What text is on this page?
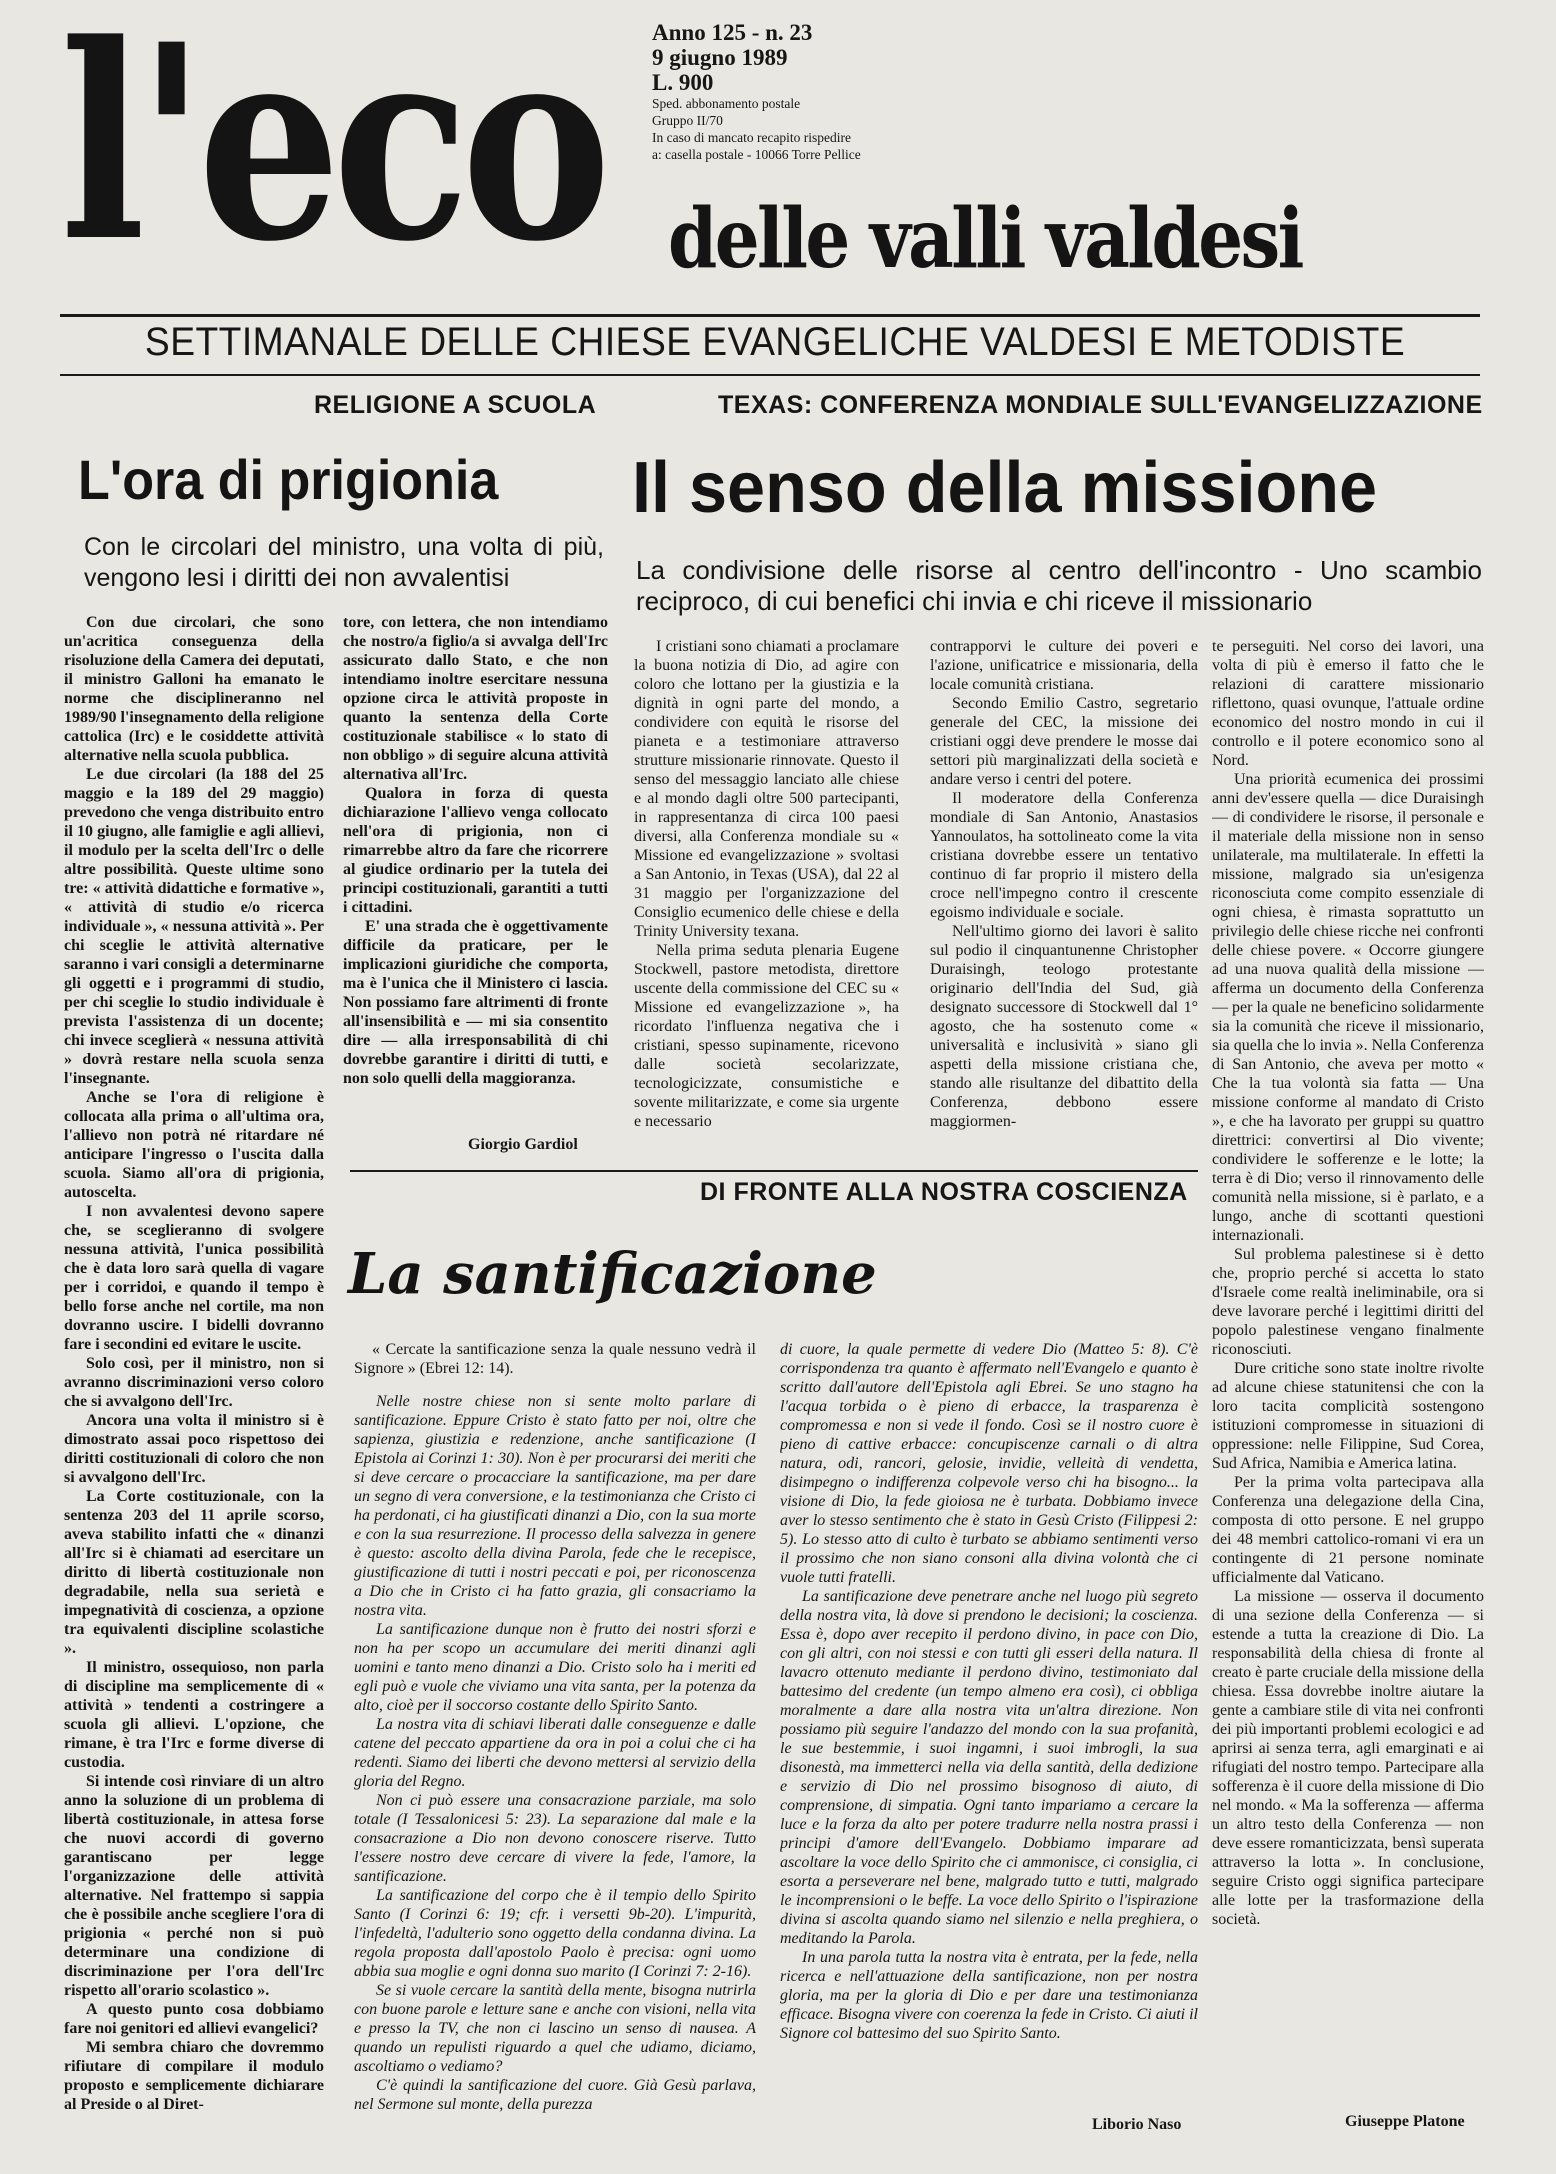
l'eco Anno 125 - n. 23
9 giugno 1989
L. 900
Sped. abbonamento postale
Gruppo II/70
In caso di mancato recapito rispedire
a: casella postale - 10066 Torre Pellice
delle valli valdesi
SETTIMANALE DELLE CHIESE EVANGELICHE VALDESI E METODISTE
RELIGIONE A SCUOLA
L'ora di prigionia
Con le circolari del ministro, una volta di più, vengono lesi i diritti dei non avvalentisi

Con due circolari, che sono un'acritica conseguenza della risoluzione della Camera dei deputati, il ministro Galloni ha emanato le norme che disciplineranno nel 1989/90 l'insegnamento della religione cattolica (Irc) e le cosiddette attività alternative nella scuola pubblica.

Le due circolari (la 188 del 25 maggio e la 189 del 29 maggio) prevedono che venga distribuito entro il 10 giugno, alle famiglie e agli allievi, il modulo per la scelta dell'Irc o delle altre possibilità. Queste ultime sono tre: « attività didattiche e formative », « attività di studio e/o ricerca individuale », « nessuna attività ». Per chi sceglie le attività alternative saranno i vari consigli a determinarne gli oggetti e i programmi di studio, per chi sceglie lo studio individuale è prevista l'assistenza di un docente; chi invece sceglierà « nessuna attività » dovrà restare nella scuola senza l'insegnante.

Anche se l'ora di religione è collocata alla prima o all'ultima ora, l'allievo non potrà né ritardare né anticipare l'ingresso o l'uscita dalla scuola. Siamo all'ora di prigionia, autoscelta.

I non avvalentesi devono sapere che, se sceglieranno di svolgere nessuna attività, l'unica possibilità che è data loro sarà quella di vagare per i corridoi, e quando il tempo è bello forse anche nel cortile, ma non dovranno uscire. I bidelli dovranno fare i secondini ed evitare le uscite.

Solo così, per il ministro, non si avranno discriminazioni verso coloro che si avvalgono dell'Irc.

Ancora una volta il ministro si è dimostrato assai poco rispettoso dei diritti costituzionali di coloro che non si avvalgono dell'Irc.

La Corte costituzionale, con la sentenza 203 del 11 aprile scorso, aveva stabilito infatti che « dinanzi all'Irc si è chiamati ad esercitare un diritto di libertà costituzionale non degradabile, nella sua serietà e impegnatività di coscienza, a opzione tra equivalenti discipline scolastiche ».

Il ministro, ossequioso, non parla di discipline ma semplicemente di « attività » tendenti a costringere a scuola gli allievi. L'opzione, che rimane, è tra l'Irc e forme diverse di custodia.

Si intende così rinviare di un altro anno la soluzione di un problema di libertà costituzionale, in attesa forse che nuovi accordi di governo garantiscano per legge l'organizzazione delle attività alternative. Nel frattempo si sappia che è possibile anche scegliere l'ora di prigionia « perché non si può determinare una condizione di discriminazione per l'ora dell'Irc rispetto all'orario scolastico ».

A questo punto cosa dobbiamo fare noi genitori ed allievi evangelici?

Mi sembra chiaro che dovremmo rifiutare di compilare il modulo proposto e semplicemente dichiarare al Preside o al Diret-

tore, con lettera, che non intendiamo che nostro/a figlio/a si avvalga dell'Irc assicurato dallo Stato, e che non intendiamo inoltre esercitare nessuna opzione circa le attività proposte in quanto la sentenza della Corte costituzionale stabilisce « lo stato di non obbligo » di seguire alcuna attività alternativa all'Irc.

Qualora in forza di questa dichiarazione l'allievo venga collocato nell'ora di prigionia, non ci rimarrebbe altro da fare che ricorrere al giudice ordinario per la tutela dei principi costituzionali, garantiti a tutti i cittadini.

E' una strada che è oggettivamente difficile da praticare, per le implicazioni giuridiche che comporta, ma è l'unica che il Ministero ci lascia. Non possiamo fare altrimenti di fronte all'insensibilità e — mi sia consentito dire — alla irresponsabilità di chi dovrebbe garantire i diritti di tutti, e non solo quelli della maggioranza.

Giorgio Gardiol
TEXAS: CONFERENZA MONDIALE SULL'EVANGELIZZAZIONE
Il senso della missione
La condivisione delle risorse al centro dell'incontro - Uno scambio reciproco, di cui benefici chi invia e chi riceve il missionario

I cristiani sono chiamati a proclamare la buona notizia di Dio, ad agire con coloro che lottano per la giustizia e la dignità in ogni parte del mondo, a condividere con equità le risorse del pianeta e a testimoniare attraverso strutture missionarie rinnovate. Questo il senso del messaggio lanciato alle chiese e al mondo dagli oltre 500 partecipanti, in rappresentanza di circa 100 paesi diversi, alla Conferenza mondiale su « Missione ed evangelizzazione » svoltasi a San Antonio, in Texas (USA), dal 22 al 31 maggio per l'organizzazione del Consiglio ecumenico delle chiese e della Trinity University texana.

Nella prima seduta plenaria Eugene Stockwell, pastore metodista, direttore uscente della commissione del CEC su « Missione ed evangelizzazione », ha ricordato l'influenza negativa che i cristiani, spesso supinamente, ricevono dalle società secolarizzate, tecnologicizzate, consumistiche e sovente militarizzate, e come sia urgente e necessario

contrapporvi le culture dei poveri e l'azione, unificatrice e missionaria, della locale comunità cristiana.

Secondo Emilio Castro, segretario generale del CEC, la missione dei cristiani oggi deve prendere le mosse dai settori più marginalizzati della società e andare verso i centri del potere.

Il moderatore della Conferenza mondiale di San Antonio, Anastasios Yannoulatos, ha sottolineato come la vita cristiana dovrebbe essere un tentativo continuo di far proprio il mistero della croce nell'impegno contro il crescente egoismo individuale e sociale.

Nell'ultimo giorno dei lavori è salito sul podio il cinquantunenne Christopher Duraisingh, teologo protestante originario dell'India del Sud, già designato successore di Stockwell dal 1° agosto, che ha sostenuto come « universalità e inclusività » siano gli aspetti della missione cristiana che, stando alle risultanze del dibattito della Conferenza, debbono essere maggiormen-

te perseguiti. Nel corso dei lavori, una volta di più è emerso il fatto che le relazioni di carattere missionario riflettono, quasi ovunque, l'attuale ordine economico del nostro mondo in cui il controllo e il potere economico sono al Nord.

Una priorità ecumenica dei prossimi anni dev'essere quella — dice Duraisingh — di condividere le risorse, il personale e il materiale della missione non in senso unilaterale, ma multilaterale. In effetti la missione, malgrado sia un'esigenza riconosciuta come compito essenziale di ogni chiesa, è rimasta soprattutto un privilegio delle chiese ricche nei confronti delle chiese povere. « Occorre giungere ad una nuova qualità della missione — afferma un documento della Conferenza — per la quale ne beneficino solidarmente sia la comunità che riceve il missionario, sia quella che lo invia ». Nella Conferenza di San Antonio, che aveva per motto « Che la tua volontà sia fatta — Una missione conforme al mandato di Cristo », e che ha lavorato per gruppi su quattro direttrici: convertirsi al Dio vivente; condividere le sofferenze e le lotte; la terra è di Dio; verso il rinnovamento delle comunità nella missione, si è parlato, e a lungo, anche di scottanti questioni internazionali.

Sul problema palestinese si è detto che, proprio perché si accetta lo stato d'Israele come realtà ineliminabile, ora si deve lavorare perché i legittimi diritti del popolo palestinese vengano finalmente riconosciuti.

Dure critiche sono state inoltre rivolte ad alcune chiese statunitensi che con la loro tacita complicità sostengono istituzioni compromesse in situazioni di oppressione: nelle Filippine, Sud Corea, Sud Africa, Namibia e America latina.

Per la prima volta partecipava alla Conferenza una delegazione della Cina, composta di otto persone. E nel gruppo dei 48 membri cattolico-romani vi era un contingente di 21 persone nominate ufficialmente dal Vaticano.

La missione — osserva il documento di una sezione della Conferenza — si estende a tutta la creazione di Dio. La responsabilità della chiesa di fronte al creato è parte cruciale della missione della chiesa. Essa dovrebbe inoltre aiutare la gente a cambiare stile di vita nei confronti dei più importanti problemi ecologici e ad aprirsi ai senza terra, agli emarginati e ai rifugiati del nostro tempo. Partecipare alla sofferenza è il cuore della missione di Dio nel mondo. « Ma la sofferenza — afferma un altro testo della Conferenza — non deve essere romanticizzata, bensì superata attraverso la lotta ». In conclusione, seguire Cristo oggi significa partecipare alle lotte per la trasformazione della società.

Giuseppe Platone
DI FRONTE ALLA NOSTRA COSCIENZA
La santificazione

« Cercate la santificazione senza la quale nessuno vedrà il Signore » (Ebrei 12: 14).

Nelle nostre chiese non si sente molto parlare di santificazione. Eppure Cristo è stato fatto per noi, oltre che sapienza, giustizia e redenzione, anche santificazione (I Epistola ai Corinzi 1: 30). Non è per procurarsi dei meriti che si deve cercare o procacciare la santificazione, ma per dare un segno di vera conversione, e la testimonianza che Cristo ci ha perdonati, ci ha giustificati dinanzi a Dio, con la sua morte e con la sua resurrezione. Il processo della salvezza in genere è questo: ascolto della divina Parola, fede che le recepisce, giustificazione di tutti i nostri peccati e poi, per riconoscenza a Dio che in Cristo ci ha fatto grazia, gli consacriamo la nostra vita.

La santificazione dunque non è frutto dei nostri sforzi e non ha per scopo un accumulare dei meriti dinanzi agli uomini e tanto meno dinanzi a Dio. Cristo solo ha i meriti ed egli può e vuole che viviamo una vita santa, per la potenza da alto, cioè per il soccorso costante dello Spirito Santo.

La nostra vita di schiavi liberati dalle conseguenze e dalle catene del peccato appartiene da ora in poi a colui che ci ha redenti. Siamo dei liberti che devono mettersi al servizio della gloria del Regno.

Non ci può essere una consacrazione parziale, ma solo totale (I Tessalonicesi 5: 23). La separazione dal male e la consacrazione a Dio non devono conoscere riserve. Tutto l'essere nostro deve cercare di vivere la fede, l'amore, la santificazione.

La santificazione del corpo che è il tempio dello Spirito Santo (I Corinzi 6: 19; cfr. i versetti 9b-20). L'impurità, l'infedeltà, l'adulterio sono oggetto della condanna divina. La regola proposta dall'apostolo Paolo è precisa: ogni uomo abbia sua moglie e ogni donna suo marito (I Corinzi 7: 2-16).

Se si vuole cercare la santità della mente, bisogna nutrirla con buone parole e letture sane e anche con visioni, nella vita e presso la TV, che non ci lascino un senso di nausea. A quando un repulisti riguardo a quel che udiamo, diciamo, ascoltiamo o vediamo?

C'è quindi la santificazione del cuore. Già Gesù parlava, nel Sermone sul monte, della purezza

di cuore, la quale permette di vedere Dio (Matteo 5: 8). C'è corrispondenza tra quanto è affermato nell'Evangelo e quanto è scritto dall'autore dell'Epistola agli Ebrei. Se uno stagno ha l'acqua torbida o è pieno di erbacce, la trasparenza è compromessa e non si vede il fondo. Così se il nostro cuore è pieno di cattive erbacce: concupiscenze carnali o di altra natura, odi, rancori, gelosie, invidie, velleità di vendetta, disimpegno o indifferenza colpevole verso chi ha bisogno... la visione di Dio, la fede gioiosa ne è turbata. Dobbiamo invece aver lo stesso sentimento che è stato in Gesù Cristo (Filippesi 2: 5). Lo stesso atto di culto è turbato se abbiamo sentimenti verso il prossimo che non siano consoni alla divina volontà che ci vuole tutti fratelli.

La santificazione deve penetrare anche nel luogo più segreto della nostra vita, là dove si prendono le decisioni; la coscienza. Essa è, dopo aver recepito il perdono divino, in pace con Dio, con gli altri, con noi stessi e con tutti gli esseri della natura. Il lavacro ottenuto mediante il perdono divino, testimoniato dal battesimo del credente (un tempo almeno era così), ci obbliga moralmente a dare alla nostra vita un'altra direzione. Non possiamo più seguire l'andazzo del mondo con la sua profanità, le sue bestemmie, i suoi ingamni, i suoi imbrogli, la sua disonestà, ma immetterci nella via della santità, della dedizione e servizio di Dio nel prossimo bisognoso di aiuto, di comprensione, di simpatia. Ogni tanto impariamo a cercare la luce e la forza da alto per potere tradurre nella nostra prassi i principi d'amore dell'Evangelo. Dobbiamo imparare ad ascoltare la voce dello Spirito che ci ammonisce, ci consiglia, ci esorta a perseverare nel bene, malgrado tutto e tutti, malgrado le incomprensioni o le beffe. La voce dello Spirito o l'ispirazione divina si ascolta quando siamo nel silenzio e nella preghiera, o meditando la Parola.

In una parola tutta la nostra vita è entrata, per la fede, nella ricerca e nell'attuazione della santificazione, non per nostra gloria, ma per la gloria di Dio e per dare una testimonianza efficace. Bisogna vivere con coerenza la fede in Cristo. Ci aiuti il Signore col battesimo del suo Spirito Santo.

Liborio Naso
